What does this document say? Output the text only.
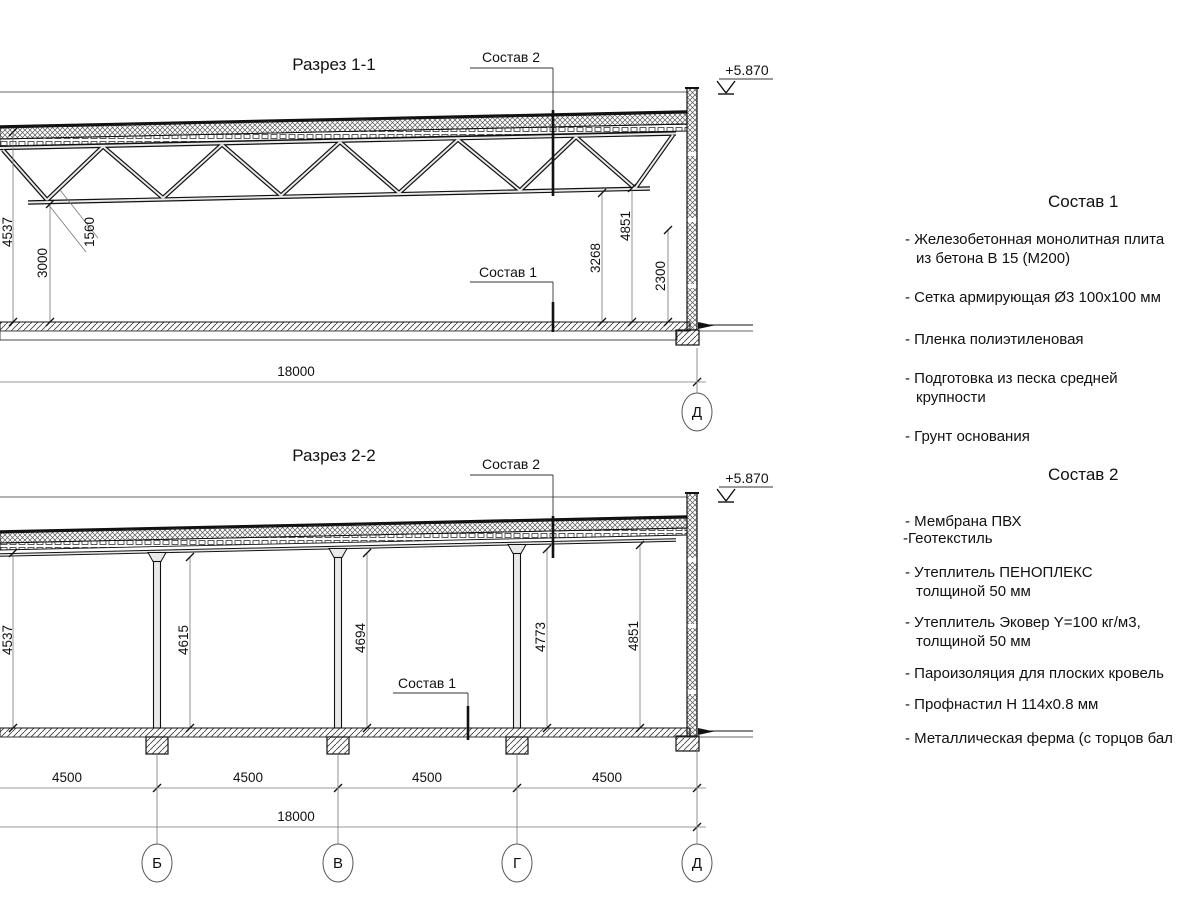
Разрез 1-1	Состав 2
Состав 1
+5.870
4537
3000
1560
3268
4851
2300
18000
Д
Разрез 2-2	Состав 2
Состав 1
+5.870
4537	4615	4694	4773	4851
4500	4500	4500	4500
18000
Б	В	Г	Д
Состав 1
- Железобетонная монолитная плита
из бетона В 15 (М200)
- Сетка армирующая Ø3 100х100 мм
- Пленка полиэтиленовая
- Подготовка из песка средней
крупности
- Грунт основания
Состав 2
- Мембрана ПВХ
-Геотекстиль
- Утеплитель ПЕНОПЛЕКС
толщиной 50 мм
- Утеплитель Эковер Y=100 кг/м3,
толщиной 50 мм
- Пароизоляция для плоских кровель
- Профнастил Н 114х0.8 мм
- Металлическая ферма (с торцов бал
